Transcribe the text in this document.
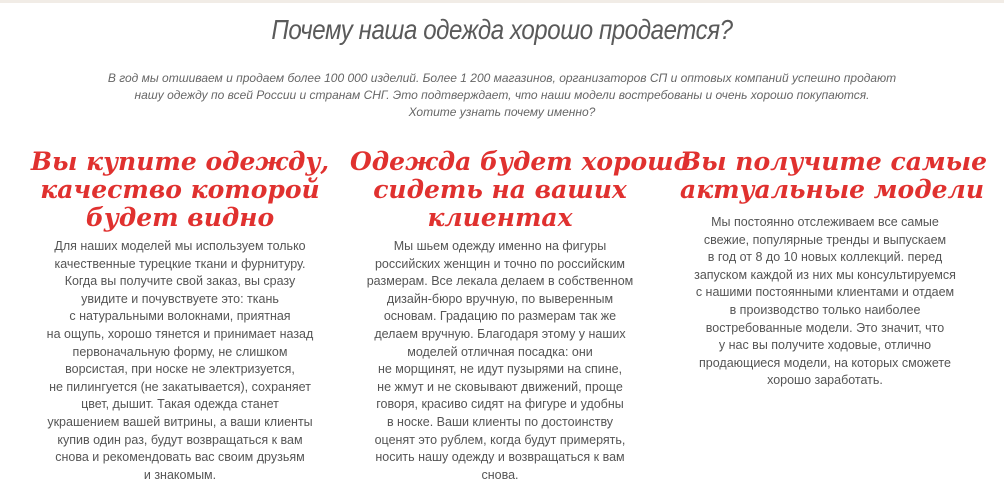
Почему наша одежда хорошо продается?
В год мы отшиваем и продаем более 100 000 изделий. Более 1 200 магазинов, организаторов СП и оптовых компаний успешно продают
нашу одежду по всей России и странам СНГ. Это подтверждает, что наши модели востребованы и очень хорошо покупаются.
Хотите узнать почему именно?
Вы купите одежду,
качество которой
будет видно

Для наших моделей мы используем только
качественные турецкие ткани и фурнитуру.
Когда вы получите свой заказ, вы сразу
увидите и почувствуете это: ткань
с натуральными волокнами, приятная
на ощупь, хорошо тянется и принимает назад
первоначальную форму, не слишком
ворсистая, при носке не электризуется,
не пилингуется (не закатывается), сохраняет
цвет, дышит. Такая одежда станет
украшением вашей витрины, а ваши клиенты
купив один раз, будут возвращаться к вам
снова и рекомендовать вас своим друзьям
и знакомым.

Одежда будет хорошо
сидеть на ваших
клиентах

Мы шьем одежду именно на фигуры
российских женщин и точно по российским
размерам. Все лекала делаем в собственном
дизайн-бюро вручную, по выверенным
основам. Градацию по размерам так же
делаем вручную. Благодаря этому у наших
моделей отличная посадка: они
не морщинят, не идут пузырями на спине,
не жмут и не сковывают движений, проще
говоря, красиво сидят на фигуре и удобны
в носке. Ваши клиенты по достоинству
оценят это рублем, когда будут примерять,
носить нашу одежду и возвращаться к вам
снова.

Вы получите самые
актуальные модели

Мы постоянно отслеживаем все самые
свежие, популярные тренды и выпускаем
в год от 8 до 10 новых коллекций. перед
запуском каждой из них мы консультируемся
с нашими постоянными клиентами и отдаем
в производство только наиболее
востребованные модели. Это значит, что
у нас вы получите ходовые, отлично
продающиеся модели, на которых сможете
хорошо заработать.
